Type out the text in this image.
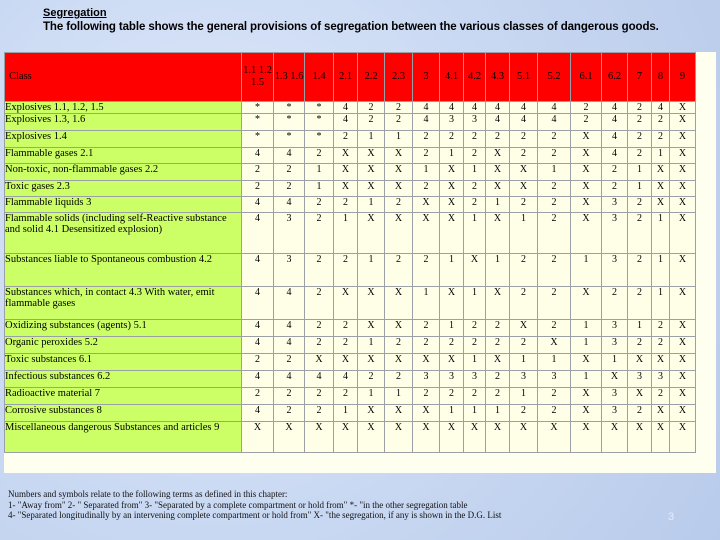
Segregation
The following table shows the general provisions of segregation between the various classes of dangerous goods.
Class	1.1 1.2 1.5	1.3 1.6	1.4	2.1	2.2	2.3	3	4.1	4.2	4.3	5.1	5.2	6.1	6.2	7	8	9
Explosives 1.1, 1.2, 1.5	*	*	*	4	2	2	4	4	4	4	4	4	2	4	2	4	X
Explosives 1.3, 1.6	*	*	*	4	2	2	4	3	3	4	4	4	2	4	2	2	X
Explosives 1.4	*	*	*	2	1	1	2	2	2	2	2	2	X	4	2	2	X
Flammable gases 2.1	4	4	2	X	X	X	2	1	2	X	2	2	X	4	2	1	X
Non-toxic, non-flammable gases 2.2	2	2	1	X	X	X	1	X	1	X	X	1	X	2	1	X	X
Toxic gases 2.3	2	2	1	X	X	X	2	X	2	X	X	2	X	2	1	X	X
Flammable liquids 3	4	4	2	2	1	2	X	X	2	1	2	2	X	3	2	X	X
Flammable solids (including self-Reactive substance and solid 4.1 Desensitized explosion)	4	3	2	1	X	X	X	X	1	X	1	2	X	3	2	1	X
Substances liable to Spontaneous combustion 4.2	4	3	2	2	1	2	2	1	X	1	2	2	1	3	2	1	X
Substances which, in contact 4.3 With water, emit flammable gases	4	4	2	X	X	X	1	X	1	X	2	2	X	2	2	1	X
Oxidizing substances (agents) 5.1	4	4	2	2	X	X	2	1	2	2	X	2	1	3	1	2	X
Organic peroxides 5.2	4	4	2	2	1	2	2	2	2	2	2	X	1	3	2	2	X
Toxic substances 6.1	2	2	X	X	X	X	X	X	1	X	1	1	X	1	X	X	X
Infectious substances 6.2	4	4	4	4	2	2	3	3	3	2	3	3	1	X	3	3	X
Radioactive material 7	2	2	2	2	1	1	2	2	2	2	1	2	X	3	X	2	X
Corrosive substances 8	4	2	2	1	X	X	X	1	1	1	2	2	X	3	2	X	X
Miscellaneous dangerous Substances and articles 9	X	X	X	X	X	X	X	X	X	X	X	X	X	X	X	X	X
Numbers and symbols relate to the following terms as defined in this chapter:
1- "Away from" 2- " Separated from" 3- "Separated by a complete compartment or hold from" *- "in the other segregation table
4- "Separated longitudinally by an intervening complete compartment or hold from" X- "the segregation, if any is shown in the D.G. List	3
